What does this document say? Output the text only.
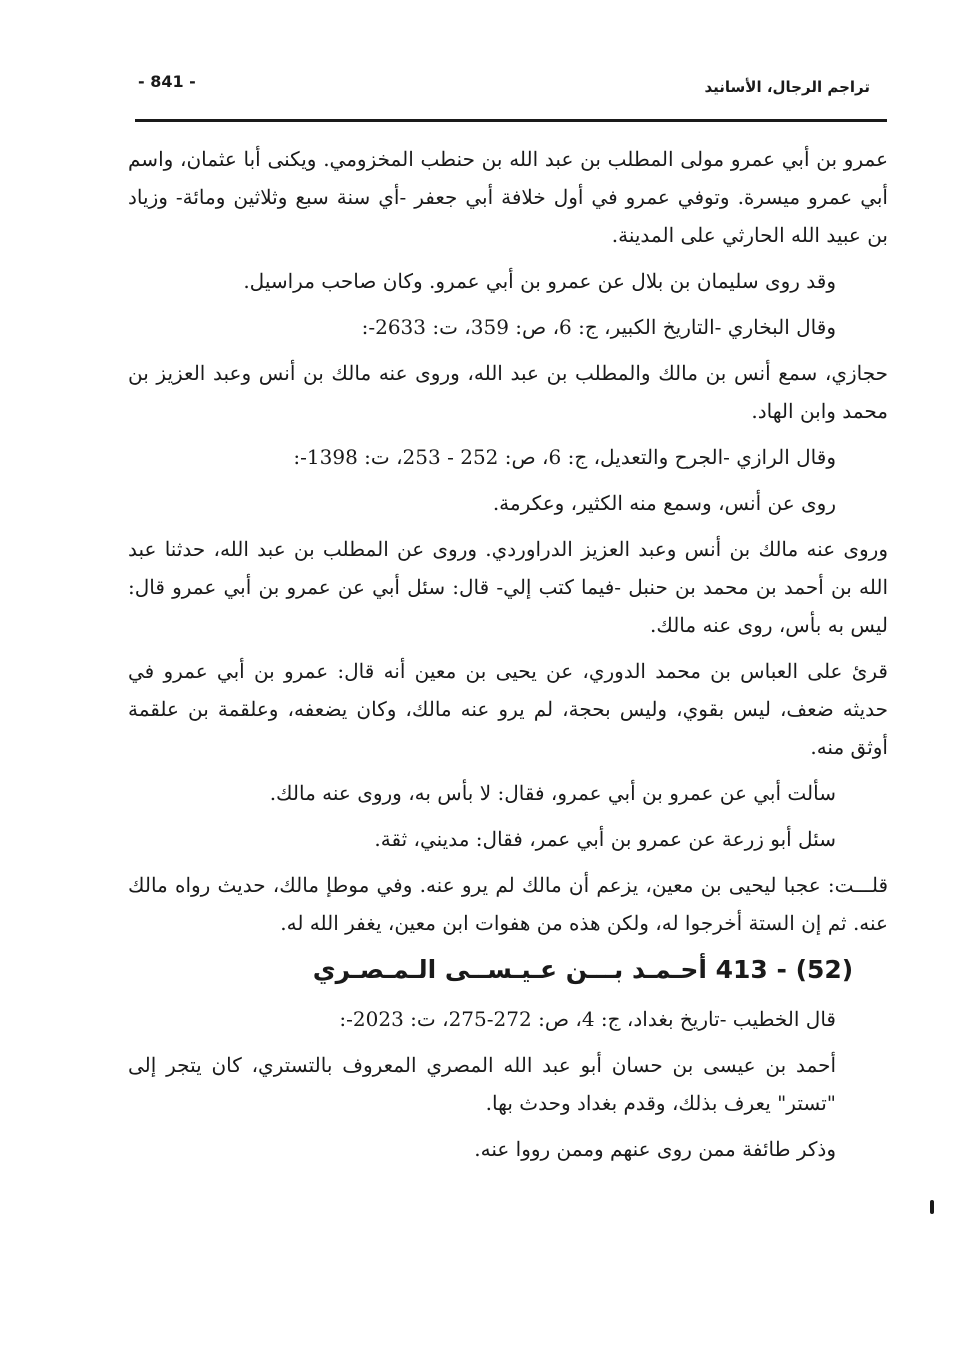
تراجم الرجال، الأسانيد
- 841 -

عمرو بن أبي عمرو مولى المطلب بن عبد الله بن حنطب المخزومي. ويكنى أبا عثمان، واسم أبي عمرو ميسرة. وتوفي عمرو في أول خلافة أبي جعفر -أي سنة سبع وثلاثين ومائة- وزياد بن عبيد الله الحارثي على المدينة.

وقد روى سليمان بن بلال عن عمرو بن أبي عمرو. وكان صاحب مراسيل.

وقال البخاري -التاريخ الكبير، ج: 6، ص: 359، ت: 2633-:

حجازي، سمع أنس بن مالك والمطلب بن عبد الله، وروى عنه مالك بن أنس وعبد العزيز بن محمد وابن الهاد.

وقال الرازي -الجرح والتعديل، ج: 6، ص: 252 - 253، ت: 1398-:

روى عن أنس، وسمع منه الكثير، وعكرمة.

وروى عنه مالك بن أنس وعبد العزيز الدراوردي. وروى عن المطلب بن عبد الله، حدثنا عبد الله بن أحمد بن محمد بن حنبل -فيما كتب إلي- قال: سئل أبي عن عمرو بن أبي عمرو قال: ليس به بأس، روى عنه مالك.

قرئ على العباس بن محمد الدوري، عن يحيى بن معين أنه قال: عمرو بن أبي عمرو في حديثه ضعف، ليس بقوي، وليس بحجة، لم يرو عنه مالك، وكان يضعفه، وعلقمة بن علقمة أوثق منه.

سألت أبي عن عمرو بن أبي عمرو، فقال: لا بأس به، وروى عنه مالك.

سئل أبو زرعة عن عمرو بن أبي عمر، فقال: مديني، ثقة.

قلـــت: عجبا ليحيى بن معين، يزعم أن مالك لم يرو عنه. وفي موطإ مالك، حديث رواه مالك عنه. ثم إن الستة أخرجوا له، ولكن هذه من هفوات ابن معين، يغفر الله له.

413 - (52) أحـمـد بـــن عـيـســى الـمـصـري

قال الخطيب -تاريخ بغداد، ج: 4، ص: 272-275، ت: 2023-:

أحمد بن عيسى بن حسان أبو عبد الله المصري المعروف بالتستري، كان يتجر إلى "تستر" يعرف بذلك، وقدم بغداد وحدث بها.

وذكر طائفة ممن روى عنهم وممن رووا عنه.
